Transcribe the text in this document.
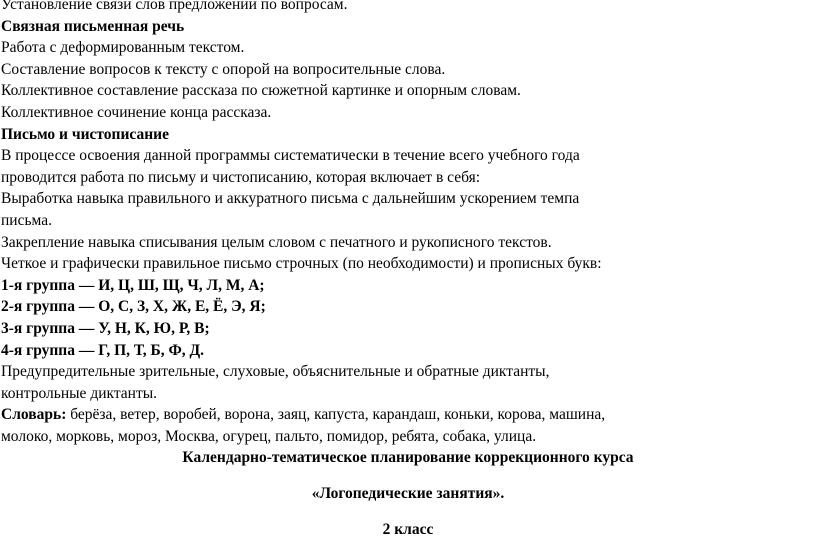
Установление связи слов предложении по вопросам.
Связная письменная речь
Работа с деформированным текстом.
Составление вопросов к тексту с опорой на вопросительные слова.
Коллективное составление рассказа по сюжетной картинке и опорным словам.
Коллективное сочинение конца рассказа.
Письмо и чистописание
В процессе освоения данной программы систематически в течение всего учебного года
проводится работа по письму и чистописанию, которая включает в себя:
Выработка навыка правильного и аккуратного письма с дальнейшим ускорением темпа
письма.
Закрепление навыка списывания целым словом с печатного и рукописного текстов.
Четкое и графически правильное письмо строчных (по необходимости) и прописных букв:
1-я группа — И, Ц, Ш, Щ, Ч, Л, М, А;
2-я группа — О, С, З, Х, Ж, Е, Ё, Э, Я;
3-я группа — У, Н, К, Ю, Р, В;
4-я группа — Г, П, Т, Б, Ф, Д.
Предупредительные зрительные, слуховые, объяснительные и обратные диктанты,
контрольные диктанты.
Словарь: берёза, ветер, воробей, ворона, заяц, капуста, карандаш, коньки, корова, машина,
молоко, морковь, мороз, Москва, огурец, пальто, помидор, ребята, собака, улица.
Календарно-тематическое планирование коррекционного курса
«Логопедические занятия».
2 класс
